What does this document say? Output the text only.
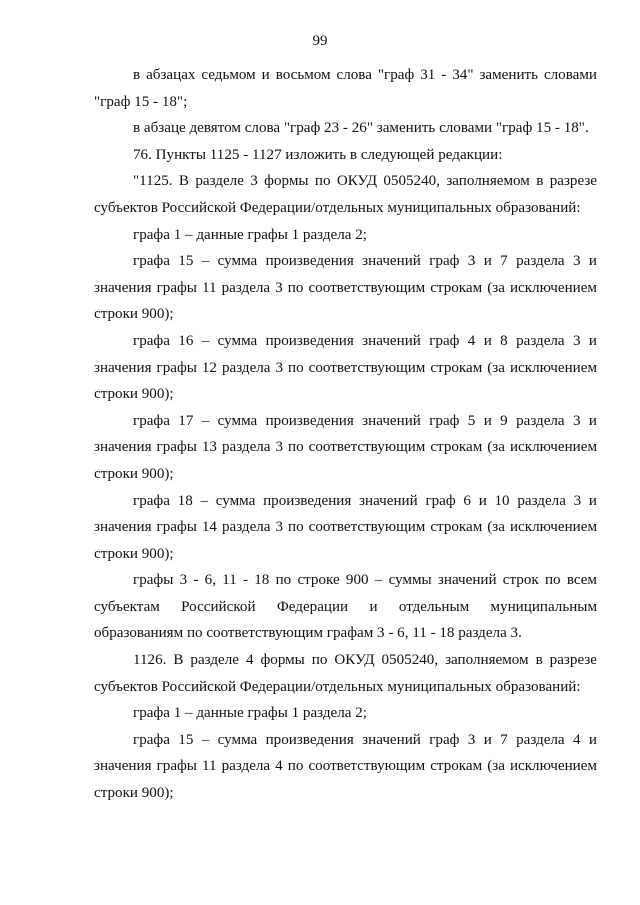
99

в абзацах седьмом и восьмом слова "граф 31 - 34" заменить словами "граф 15 - 18";

в абзаце девятом слова "граф 23 - 26" заменить словами "граф 15 - 18".

76. Пункты 1125 - 1127 изложить в следующей редакции:

"1125. В разделе 3 формы по ОКУД 0505240, заполняемом в разрезе субъектов Российской Федерации/отдельных муниципальных образований:

графа 1 – данные графы 1 раздела 2;

графа 15 – сумма произведения значений граф 3 и 7 раздела 3 и значения графы 11 раздела 3 по соответствующим строкам (за исключением строки 900);

графа 16 – сумма произведения значений граф 4 и 8 раздела 3 и значения графы 12 раздела 3 по соответствующим строкам (за исключением строки 900);

графа 17 – сумма произведения значений граф 5 и 9 раздела 3 и значения графы 13 раздела 3 по соответствующим строкам (за исключением строки 900);

графа 18 – сумма произведения значений граф 6 и 10 раздела 3 и значения графы 14 раздела 3 по соответствующим строкам (за исключением строки 900);

графы 3 - 6, 11 - 18 по строке 900 – суммы значений строк по всем субъектам Российской Федерации и отдельным муниципальным образованиям по соответствующим графам 3 - 6, 11 - 18 раздела 3.

1126. В разделе 4 формы по ОКУД 0505240, заполняемом в разрезе субъектов Российской Федерации/отдельных муниципальных образований:

графа 1 – данные графы 1 раздела 2;

графа 15 – сумма произведения значений граф 3 и 7 раздела 4 и значения графы 11 раздела 4 по соответствующим строкам (за исключением строки 900);
